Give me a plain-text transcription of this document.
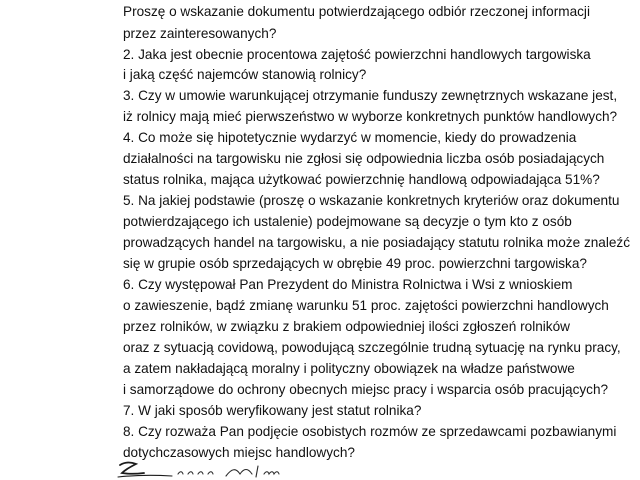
Proszę o wskazanie dokumentu potwierdzającego odbiór rzeczonej informacji

przez zainteresowanych?

2. Jaka jest obecnie procentowa zajętość powierzchni handlowych targowiska

i jaką część najemców stanowią rolnicy?

3. Czy w umowie warunkującej otrzymanie funduszy zewnętrznych wskazane jest,

iż rolnicy mają mieć pierwszeństwo w wyborze konkretnych punktów handlowych?

4. Co może się hipotetycznie wydarzyć w momencie, kiedy do prowadzenia

działalności na targowisku nie zgłosi się odpowiednia liczba osób posiadających

status rolnika, mająca użytkować powierzchnię handlową odpowiadająca 51%?

5. Na jakiej podstawie (proszę o wskazanie konkretnych kryteriów oraz dokumentu

potwierdzającego ich ustalenie) podejmowane są decyzje o tym kto z osób

prowadzących handel na targowisku, a nie posiadający statutu rolnika może znaleźć

się w grupie osób sprzedających w obrębie 49 proc. powierzchni targowiska?

6. Czy występował Pan Prezydent do Ministra Rolnictwa i Wsi z wnioskiem

o zawieszenie, bądź zmianę warunku 51 proc. zajętości powierzchni handlowych

przez rolników, w związku z brakiem odpowiedniej ilości zgłoszeń rolników

oraz z sytuacją covidową, powodującą szczególnie trudną sytuację na rynku pracy,

a zatem nakładającą moralny i polityczny obowiązek na władze państwowe

i samorządowe do ochrony obecnych miejsc pracy i wsparcia osób pracujących?

7. W jaki sposób weryfikowany jest statut rolnika?

8. Czy rozważa Pan podjęcie osobistych rozmów ze sprzedawcami pozbawianymi

dotychczasowych miejsc handlowych?
